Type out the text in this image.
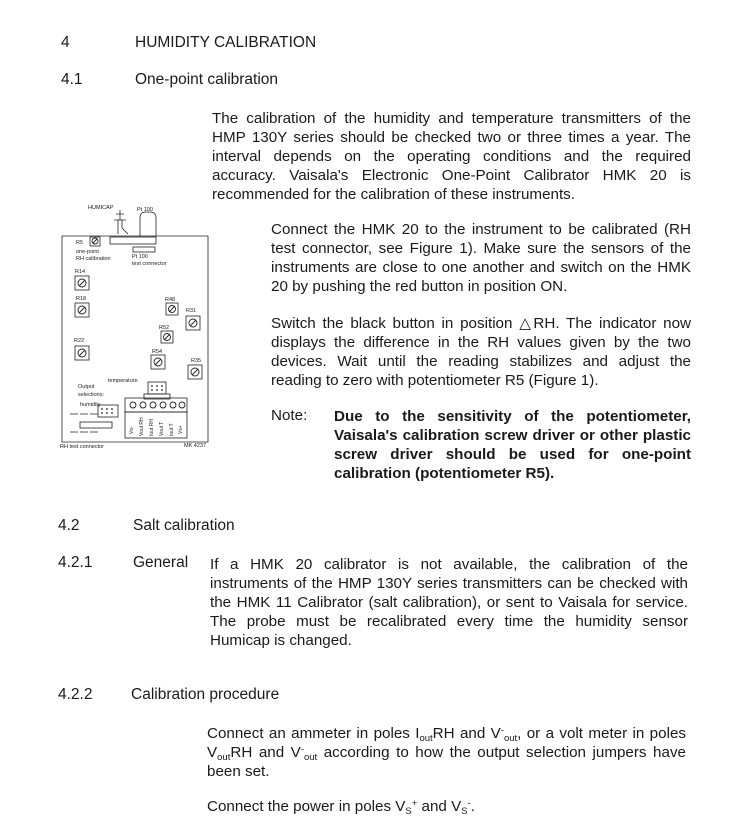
4	HUMIDITY CALIBRATION
4.1	One-point calibration

The calibration of the humidity and temperature transmitters of the HMP 130Y series should be checked two or three times a year. The interval depends on the operating conditions and the required accuracy. Vaisala's Electronic One-Point Calibrator HMK 20 is recommended for the calibration of these instruments.

Connect the HMK 20 to the instrument to be calibrated (RH test connector, see Figure 1). Make sure the sensors of the instruments are close to one another and switch on the HMK 20 by pushing the red button in position ON.

Switch the black button in position △RH. The indicator now displays the difference in the RH values given by the two devices. Wait until the reading stabilizes and adjust the reading to zero with potentiometer R5 (Figure 1).

Note: Due to the sensitivity of the potentiometer, Vaisala's calibration screw driver or other plastic screw driver should be used for one-point calibration (potentiometer R5).

HUMICAP	Pt 100
R5
one-point
RH calibration	Pt 100
test connector
R14
R18	R48
R31
R52
R22
R54
R35
temperature
Output
selections:
humidity
RH test connector	MK 4237
Vs- Vout RH Iout RH Vout T Iout T Vs+
4.2	Salt calibration
4.2.1	General If a HMK 20 calibrator is not available, the calibration of the instruments of the HMP 130Y series transmitters can be checked with the HMK 11 Calibrator (salt calibration), or sent to Vaisala for service. The probe must be recalibrated every time the humidity sensor Humicap is changed.

4.2.2 Calibration procedure

Connect an ammeter in poles $I_{out}RH$ and $V^-_{out}$, or a volt meter in poles $V_{out}RH$ and $V^-_{out}$ according to how the output selection jumpers have been set.

Connect the power in poles $V_S^+$ and $V_S^-$.
